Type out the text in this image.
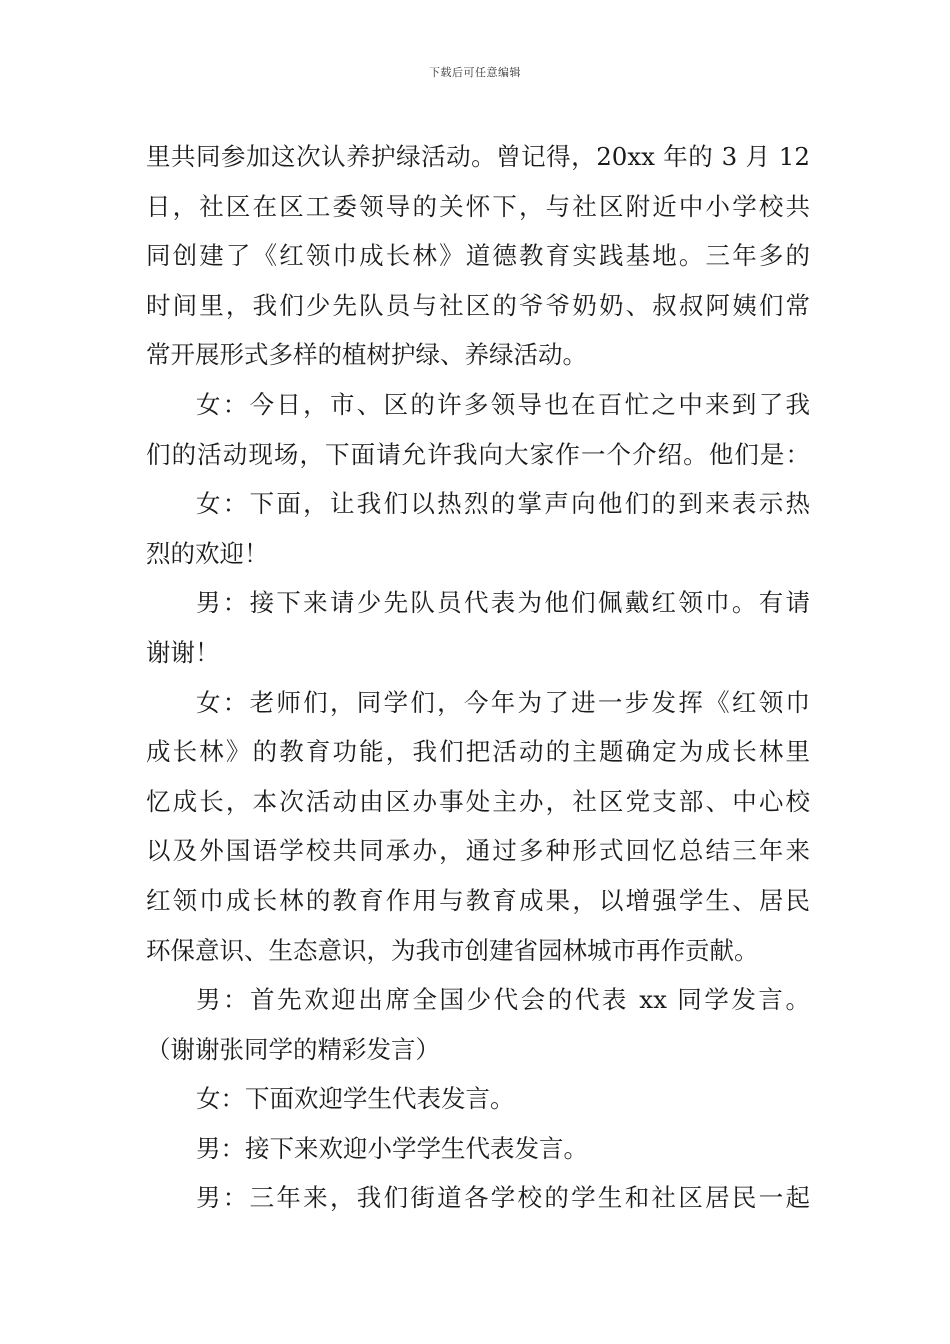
下载后可任意编辑
里共同参加这次认养护绿活动。曾记得，20xx 年的 3 月 12
日，社区在区工委领导的关怀下，与社区附近中小学校共
同创建了《红领巾成长林》道德教育实践基地。三年多的
时间里，我们少先队员与社区的爷爷奶奶、叔叔阿姨们常
常开展形式多样的植树护绿、养绿活动。
女：今日，市、区的许多领导也在百忙之中来到了我
们的活动现场，下面请允许我向大家作一个介绍。他们是：
女：下面，让我们以热烈的掌声向他们的到来表示热
烈的欢迎！
男：接下来请少先队员代表为他们佩戴红领巾。有请
谢谢！
女：老师们，同学们，今年为了进一步发挥《红领巾
成长林》的教育功能，我们把活动的主题确定为成长林里
忆成长，本次活动由区办事处主办，社区党支部、中心校
以及外国语学校共同承办，通过多种形式回忆总结三年来
红领巾成长林的教育作用与教育成果，以增强学生、居民
环保意识、生态意识，为我市创建省园林城市再作贡献。
男：首先欢迎出席全国少代会的代表 xx 同学发言。
（谢谢张同学的精彩发言）
女：下面欢迎学生代表发言。
男：接下来欢迎小学学生代表发言。
男：三年来，我们街道各学校的学生和社区居民一起
